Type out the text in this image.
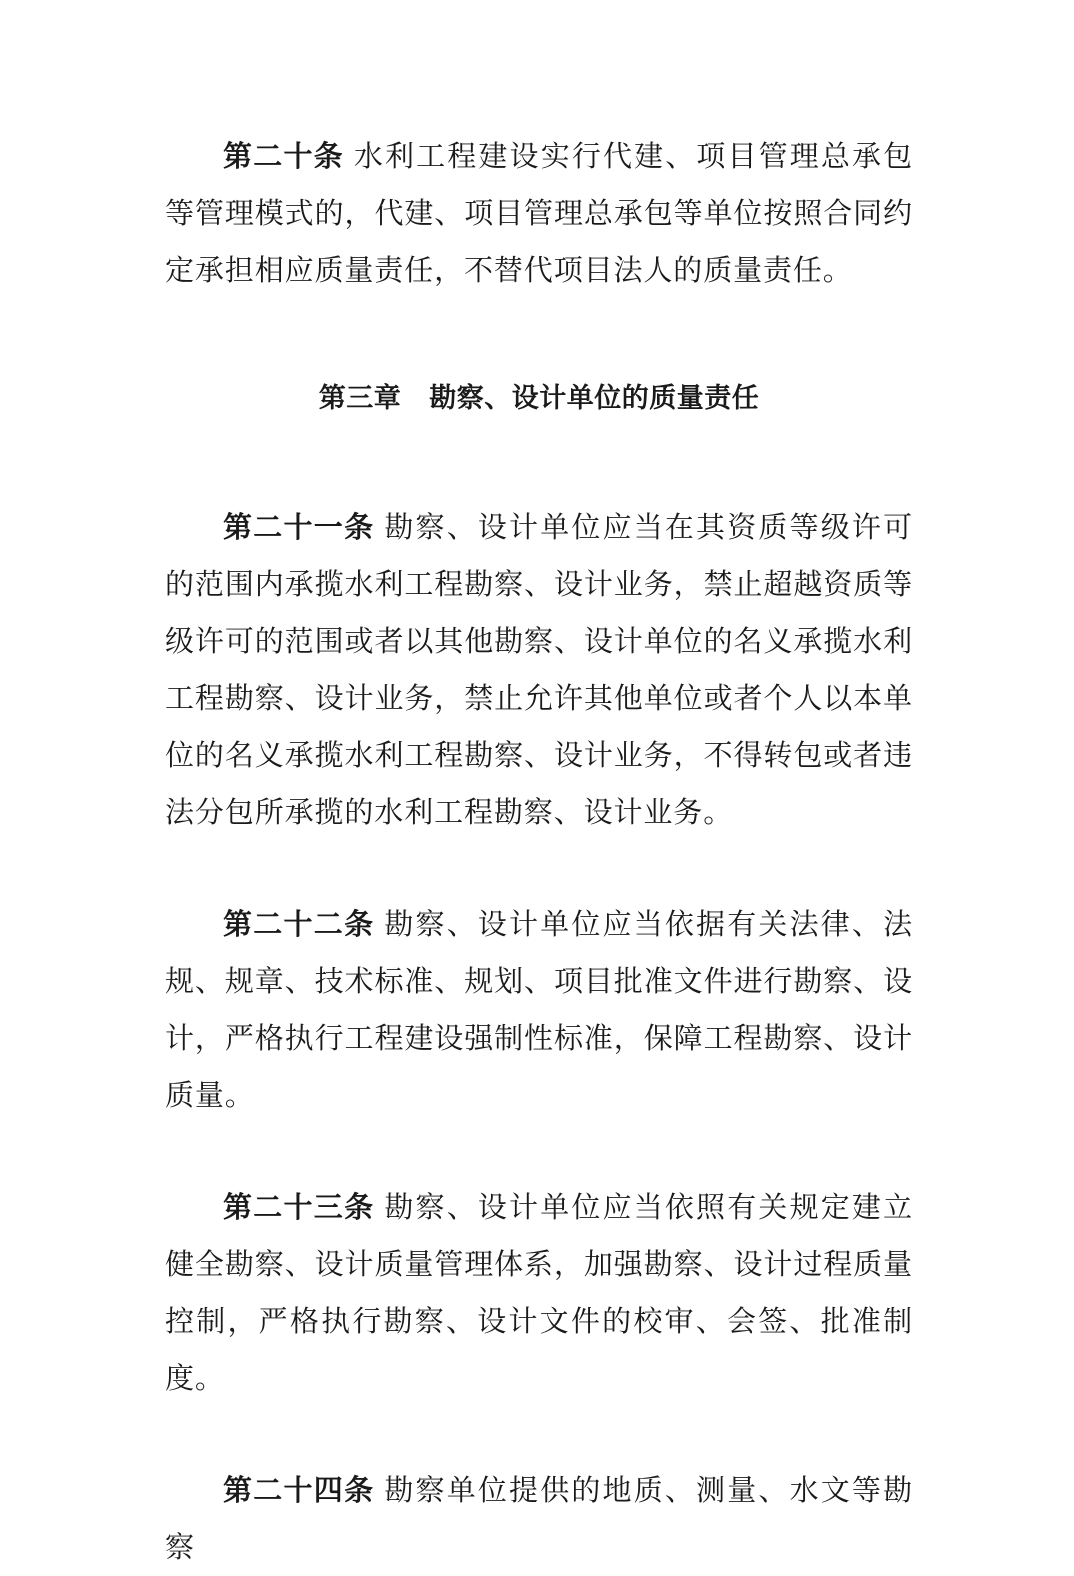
第二十条 水利工程建设实行代建、项目管理总承包等管理模式的，代建、项目管理总承包等单位按照合同约定承担相应质量责任，不替代项目法人的质量责任。

第三章 勘察、设计单位的质量责任

第二十一条 勘察、设计单位应当在其资质等级许可的范围内承揽水利工程勘察、设计业务，禁止超越资质等级许可的范围或者以其他勘察、设计单位的名义承揽水利工程勘察、设计业务，禁止允许其他单位或者个人以本单位的名义承揽水利工程勘察、设计业务，不得转包或者违法分包所承揽的水利工程勘察、设计业务。

第二十二条 勘察、设计单位应当依据有关法律、法规、规章、技术标准、规划、项目批准文件进行勘察、设计，严格执行工程建设强制性标准，保障工程勘察、设计质量。

第二十三条 勘察、设计单位应当依照有关规定建立健全勘察、设计质量管理体系，加强勘察、设计过程质量控制，严格执行勘察、设计文件的校审、会签、批准制度。

第二十四条 勘察单位提供的地质、测量、水文等勘察
